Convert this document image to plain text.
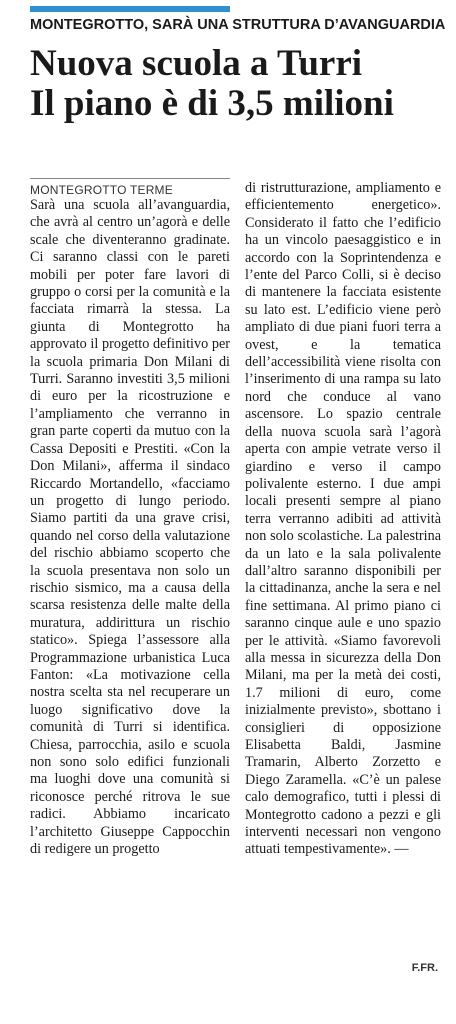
MONTEGROTTO, SARÀ UNA STRUTTURA D’AVANGUARDIA
Nuova scuola a Turri
Il piano è di 3,5 milioni
MONTEGROTTO TERME
Sarà una scuola all’avanguardia, che avrà al centro un’agorà e delle scale che diventeranno gradinate. Ci saranno classi con le pareti mobili per poter fare lavori di gruppo o corsi per la comunità e la facciata rimarrà la stessa. La giunta di Montegrotto ha approvato il progetto definitivo per la scuola primaria Don Milani di Turri. Saranno investiti 3,5 milioni di euro per la ricostruzione e l’ampliamento che verranno in gran parte coperti da mutuo con la Cassa Depositi e Prestiti. «Con la Don Milani», afferma il sindaco Riccardo Mortandello, «facciamo un progetto di lungo periodo. Siamo partiti da una grave crisi, quando nel corso della valutazione del rischio abbiamo scoperto che la scuola presentava non solo un rischio sismico, ma a causa della scarsa resistenza delle malte della muratura, addirittura un rischio statico». Spiega l’assessore alla Programmazione urbanistica Luca Fanton: «La motivazione cella nostra scelta sta nel recuperare un luogo significativo dove la comunità di Turri si identifica. Chiesa, parrocchia, asilo e scuola non sono solo edifici funzionali ma luoghi dove una comunità si riconosce perché ritrova le sue radici. Abbiamo incaricato l’architetto Giuseppe Cappocchin di redigere un progetto
di ristrutturazione, ampliamento e efficientemento energetico». Considerato il fatto che l’edificio ha un vincolo paesaggistico e in accordo con la Soprintendenza e l’ente del Parco Colli, si è deciso di mantenere la facciata esistente su lato est. L’edificio viene però ampliato di due piani fuori terra a ovest, e la tematica dell’accessibilità viene risolta con l’inserimento di una rampa su lato nord che conduce al vano ascensore. Lo spazio centrale della nuova scuola sarà l’agorà aperta con ampie vetrate verso il giardino e verso il campo polivalente esterno. I due ampi locali presenti sempre al piano terra verranno adibiti ad attività non solo scolastiche. La palestrina da un lato e la sala polivalente dall’altro saranno disponibili per la cittadinanza, anche la sera e nel fine settimana. Al primo piano ci saranno cinque aule e uno spazio per le attività. «Siamo favorevoli alla messa in sicurezza della Don Milani, ma per la metà dei costi, 1.7 milioni di euro, come inizialmente previsto», sbottano i consiglieri di opposizione Elisabetta Baldi, Jasmine Tramarin, Alberto Zorzetto e Diego Zaramella. «C’è un palese calo demografico, tutti i plessi di Montegrotto cadono a pezzi e gli interventi necessari non vengono attuati tempestivamente». —
F.FR.
